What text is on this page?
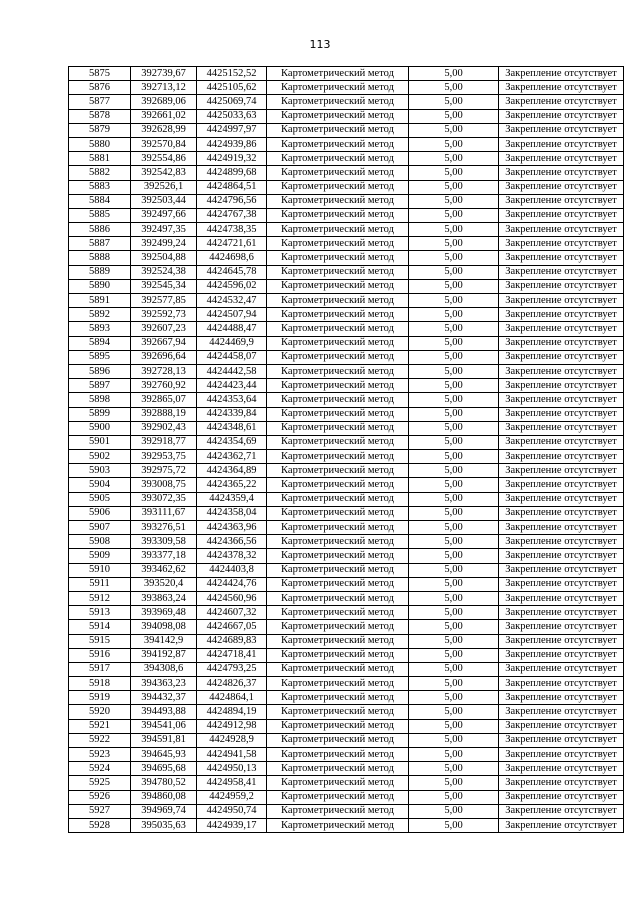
113
5875	392739,67	4425152,52	Картометрический метод	5,00	Закрепление отсутствует
5876	392713,12	4425105,62	Картометрический метод	5,00	Закрепление отсутствует
5877	392689,06	4425069,74	Картометрический метод	5,00	Закрепление отсутствует
5878	392661,02	4425033,63	Картометрический метод	5,00	Закрепление отсутствует
5879	392628,99	4424997,97	Картометрический метод	5,00	Закрепление отсутствует
5880	392570,84	4424939,86	Картометрический метод	5,00	Закрепление отсутствует
5881	392554,86	4424919,32	Картометрический метод	5,00	Закрепление отсутствует
5882	392542,83	4424899,68	Картометрический метод	5,00	Закрепление отсутствует
5883	392526,1	4424864,51	Картометрический метод	5,00	Закрепление отсутствует
5884	392503,44	4424796,56	Картометрический метод	5,00	Закрепление отсутствует
5885	392497,66	4424767,38	Картометрический метод	5,00	Закрепление отсутствует
5886	392497,35	4424738,35	Картометрический метод	5,00	Закрепление отсутствует
5887	392499,24	4424721,61	Картометрический метод	5,00	Закрепление отсутствует
5888	392504,88	4424698,6	Картометрический метод	5,00	Закрепление отсутствует
5889	392524,38	4424645,78	Картометрический метод	5,00	Закрепление отсутствует
5890	392545,34	4424596,02	Картометрический метод	5,00	Закрепление отсутствует
5891	392577,85	4424532,47	Картометрический метод	5,00	Закрепление отсутствует
5892	392592,73	4424507,94	Картометрический метод	5,00	Закрепление отсутствует
5893	392607,23	4424488,47	Картометрический метод	5,00	Закрепление отсутствует
5894	392667,94	4424469,9	Картометрический метод	5,00	Закрепление отсутствует
5895	392696,64	4424458,07	Картометрический метод	5,00	Закрепление отсутствует
5896	392728,13	4424442,58	Картометрический метод	5,00	Закрепление отсутствует
5897	392760,92	4424423,44	Картометрический метод	5,00	Закрепление отсутствует
5898	392865,07	4424353,64	Картометрический метод	5,00	Закрепление отсутствует
5899	392888,19	4424339,84	Картометрический метод	5,00	Закрепление отсутствует
5900	392902,43	4424348,61	Картометрический метод	5,00	Закрепление отсутствует
5901	392918,77	4424354,69	Картометрический метод	5,00	Закрепление отсутствует
5902	392953,75	4424362,71	Картометрический метод	5,00	Закрепление отсутствует
5903	392975,72	4424364,89	Картометрический метод	5,00	Закрепление отсутствует
5904	393008,75	4424365,22	Картометрический метод	5,00	Закрепление отсутствует
5905	393072,35	4424359,4	Картометрический метод	5,00	Закрепление отсутствует
5906	393111,67	4424358,04	Картометрический метод	5,00	Закрепление отсутствует
5907	393276,51	4424363,96	Картометрический метод	5,00	Закрепление отсутствует
5908	393309,58	4424366,56	Картометрический метод	5,00	Закрепление отсутствует
5909	393377,18	4424378,32	Картометрический метод	5,00	Закрепление отсутствует
5910	393462,62	4424403,8	Картометрический метод	5,00	Закрепление отсутствует
5911	393520,4	4424424,76	Картометрический метод	5,00	Закрепление отсутствует
5912	393863,24	4424560,96	Картометрический метод	5,00	Закрепление отсутствует
5913	393969,48	4424607,32	Картометрический метод	5,00	Закрепление отсутствует
5914	394098,08	4424667,05	Картометрический метод	5,00	Закрепление отсутствует
5915	394142,9	4424689,83	Картометрический метод	5,00	Закрепление отсутствует
5916	394192,87	4424718,41	Картометрический метод	5,00	Закрепление отсутствует
5917	394308,6	4424793,25	Картометрический метод	5,00	Закрепление отсутствует
5918	394363,23	4424826,37	Картометрический метод	5,00	Закрепление отсутствует
5919	394432,37	4424864,1	Картометрический метод	5,00	Закрепление отсутствует
5920	394493,88	4424894,19	Картометрический метод	5,00	Закрепление отсутствует
5921	394541,06	4424912,98	Картометрический метод	5,00	Закрепление отсутствует
5922	394591,81	4424928,9	Картометрический метод	5,00	Закрепление отсутствует
5923	394645,93	4424941,58	Картометрический метод	5,00	Закрепление отсутствует
5924	394695,68	4424950,13	Картометрический метод	5,00	Закрепление отсутствует
5925	394780,52	4424958,41	Картометрический метод	5,00	Закрепление отсутствует
5926	394860,08	4424959,2	Картометрический метод	5,00	Закрепление отсутствует
5927	394969,74	4424950,74	Картометрический метод	5,00	Закрепление отсутствует
5928	395035,63	4424939,17	Картометрический метод	5,00	Закрепление отсутствует
